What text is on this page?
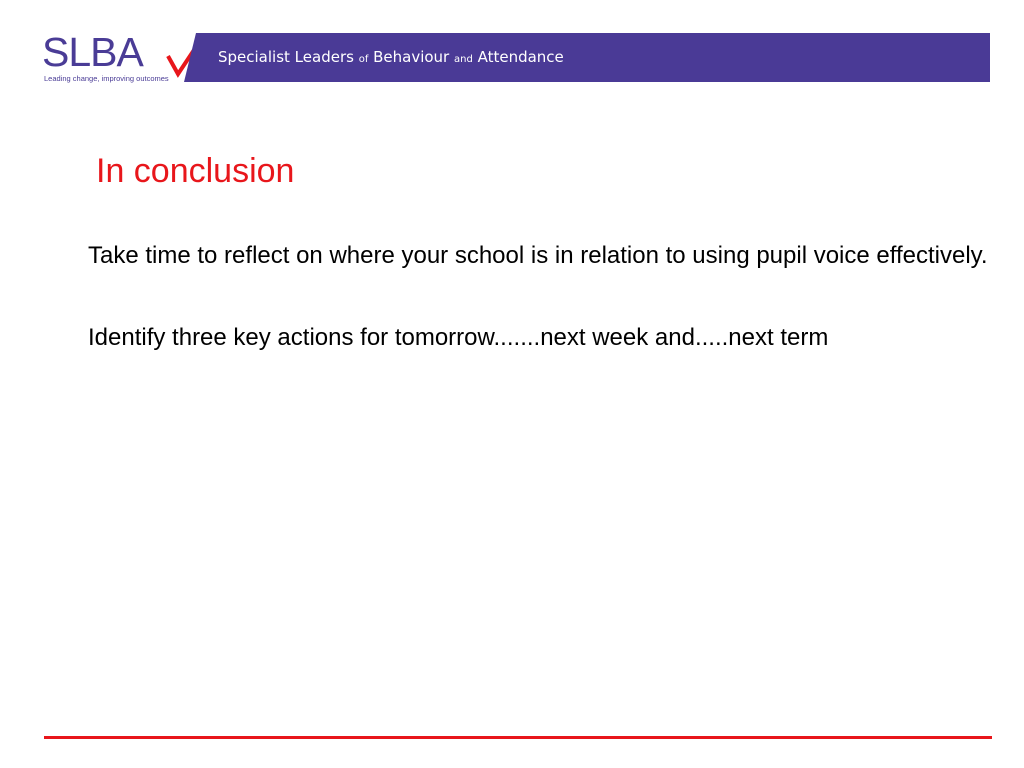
SLBA
Leading change, improving outcomes
Specialist Leaders of Behaviour and Attendance
In conclusion

Take time to reflect on where your school is in relation to using pupil voice effectively.

Identify three key actions for tomorrow.......next week and.....next term
